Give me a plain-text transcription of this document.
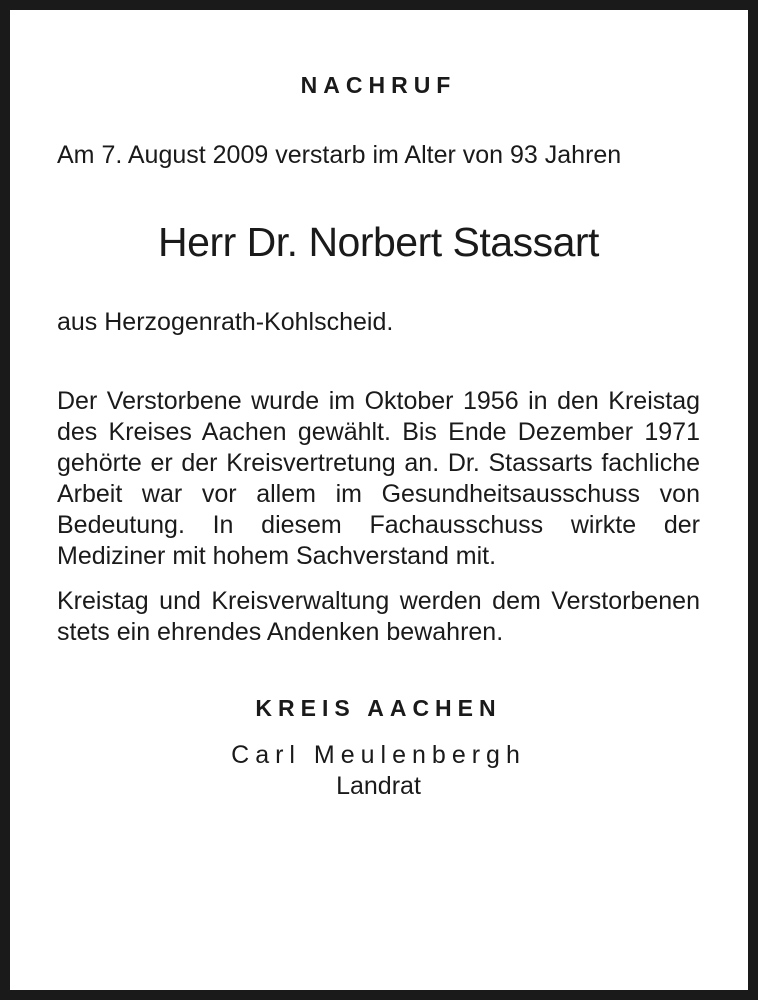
NACHRUF

Am 7. August 2009 verstarb im Alter von 93 Jahren

Herr Dr. Norbert Stassart

aus Herzogenrath-Kohlscheid.

Der Verstorbene wurde im Oktober 1956 in den Kreistag des Kreises Aachen gewählt. Bis Ende Dezember 1971 gehörte er der Kreisvertretung an. Dr. Stassarts fachliche Arbeit war vor allem im Gesundheitsausschuss von Bedeutung. In diesem Fachausschuss wirkte der Mediziner mit hohem Sachverstand mit.

Kreistag und Kreisverwaltung werden dem Verstorbenen stets ein ehrendes Andenken bewahren.

KREIS AACHEN
Carl Meulenbergh
Landrat
